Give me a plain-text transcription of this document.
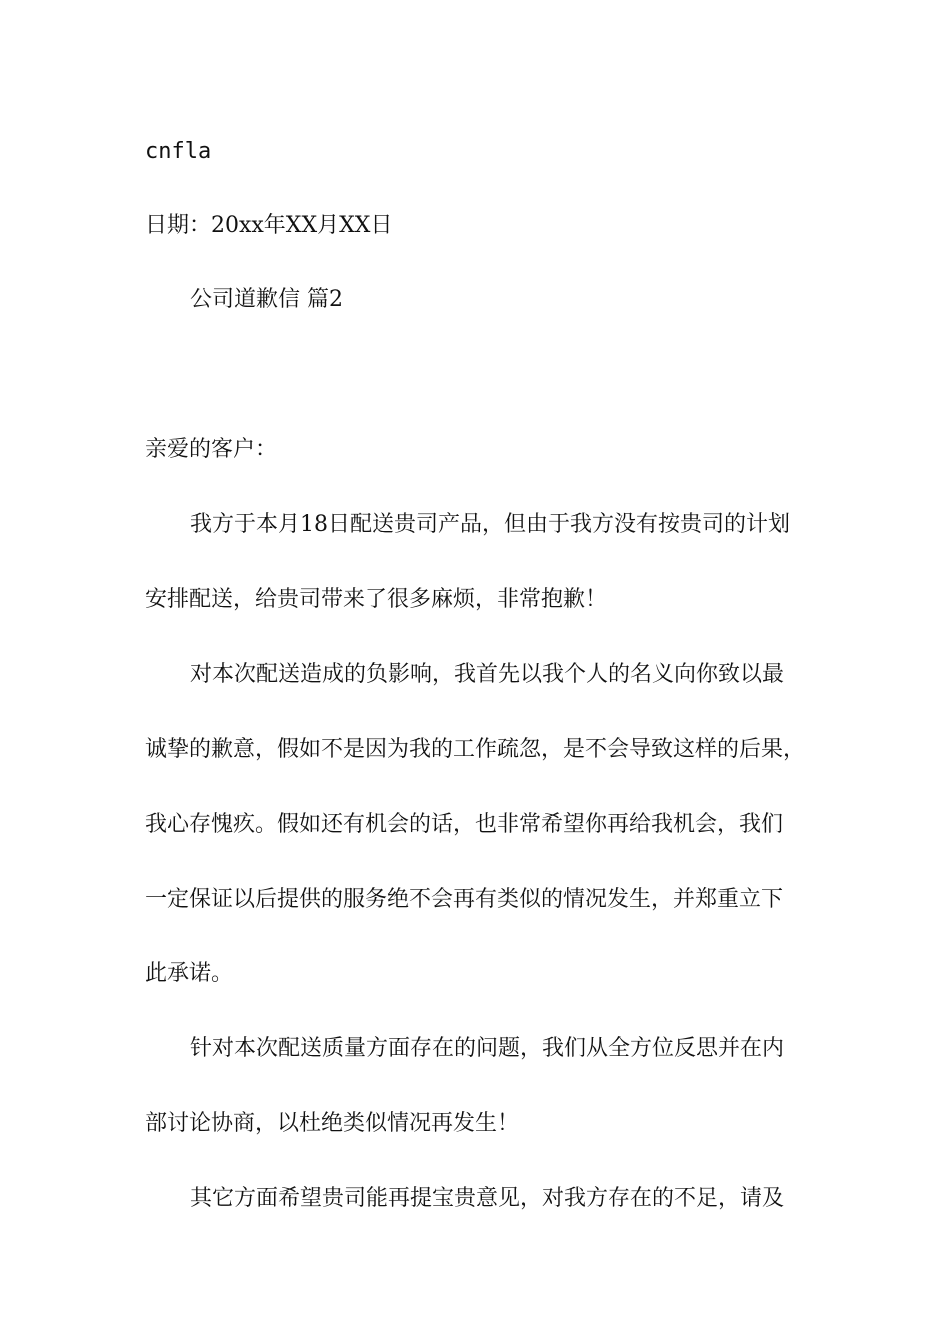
cnfla
日期：20xx年XX月XX日
公司道歉信 篇2
亲爱的客户：
我方于本月18日配送贵司产品，但由于我方没有按贵司的计划
安排配送，给贵司带来了很多麻烦，非常抱歉！
对本次配送造成的负影响，我首先以我个人的名义向你致以最
诚挚的歉意，假如不是因为我的工作疏忽，是不会导致这样的后果，
我心存愧疚。假如还有机会的话，也非常希望你再给我机会，我们
一定保证以后提供的服务绝不会再有类似的情况发生，并郑重立下
此承诺。
针对本次配送质量方面存在的问题，我们从全方位反思并在内
部讨论协商，以杜绝类似情况再发生！
其它方面希望贵司能再提宝贵意见，对我方存在的不足，请及
